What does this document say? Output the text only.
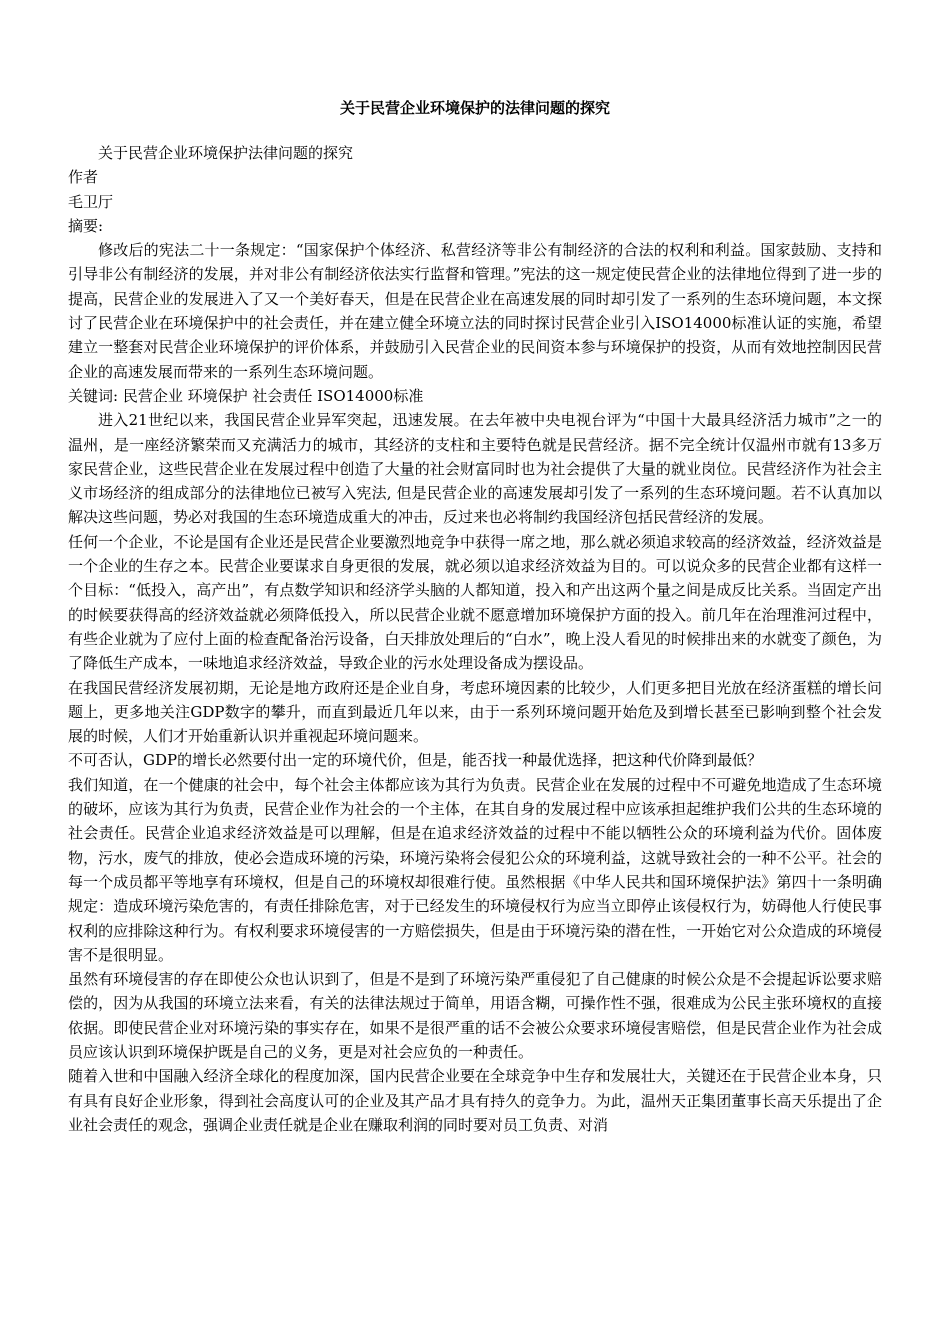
关于民营企业环境保护的法律问题的探究

关于民营企业环境保护法律问题的探究

作者

毛卫厅

摘要:

修改后的宪法二十一条规定：“国家保护个体经济、私营经济等非公有制经济的合法的权利和利益。国家鼓励、支持和引导非公有制经济的发展，并对非公有制经济依法实行监督和管理。”宪法的这一规定使民营企业的法律地位得到了进一步的提高，民营企业的发展进入了又一个美好春天，但是在民营企业在高速发展的同时却引发了一系列的生态环境问题，本文探讨了民营企业在环境保护中的社会责任，并在建立健全环境立法的同时探讨民营企业引入ISO14000标准认证的实施，希望建立一整套对民营企业环境保护的评价体系，并鼓励引入民营企业的民间资本参与环境保护的投资，从而有效地控制因民营企业的高速发展而带来的一系列生态环境问题。

关键词: 民营企业 环境保护 社会责任 ISO14000标准

进入21世纪以来，我国民营企业异军突起，迅速发展。在去年被中央电视台评为“中国十大最具经济活力城市”之一的温州，是一座经济繁荣而又充满活力的城市，其经济的支柱和主要特色就是民营经济。据不完全统计仅温州市就有13多万家民营企业，这些民营企业在发展过程中创造了大量的社会财富同时也为社会提供了大量的就业岗位。民营经济作为社会主义市场经济的组成部分的法律地位已被写入宪法, 但是民营企业的高速发展却引发了一系列的生态环境问题。若不认真加以解决这些问题，势必对我国的生态环境造成重大的冲击，反过来也必将制约我国经济包括民营经济的发展。

任何一个企业，不论是国有企业还是民营企业要激烈地竞争中获得一席之地，那么就必须追求较高的经济效益，经济效益是一个企业的生存之本。民营企业要谋求自身更很的发展，就必须以追求经济效益为目的。可以说众多的民营企业都有这样一个目标：“低投入，高产出”，有点数学知识和经济学头脑的人都知道，投入和产出这两个量之间是成反比关系。当固定产出的时候要获得高的经济效益就必须降低投入，所以民营企业就不愿意增加环境保护方面的投入。前几年在治理淮河过程中，有些企业就为了应付上面的检查配备治污设备，白天排放处理后的“白水”，晚上没人看见的时候排出来的水就变了颜色，为了降低生产成本，一味地追求经济效益，导致企业的污水处理设备成为摆设品。

在我国民营经济发展初期，无论是地方政府还是企业自身，考虑环境因素的比较少，人们更多把目光放在经济蛋糕的增长问题上，更多地关注GDP数字的攀升，而直到最近几年以来，由于一系列环境问题开始危及到增长甚至已影响到整个社会发展的时候，人们才开始重新认识并重视起环境问题来。

不可否认，GDP的增长必然要付出一定的环境代价，但是，能否找一种最优选择，把这种代价降到最低？

我们知道，在一个健康的社会中，每个社会主体都应该为其行为负责。民营企业在发展的过程中不可避免地造成了生态环境的破坏，应该为其行为负责，民营企业作为社会的一个主体，在其自身的发展过程中应该承担起维护我们公共的生态环境的社会责任。民营企业追求经济效益是可以理解，但是在追求经济效益的过程中不能以牺牲公众的环境利益为代价。固体废物，污水，废气的排放，使必会造成环境的污染，环境污染将会侵犯公众的环境利益，这就导致社会的一种不公平。社会的每一个成员都平等地享有环境权，但是自己的环境权却很难行使。虽然根据《中华人民共和国环境保护法》第四十一条明确规定：造成环境污染危害的，有责任排除危害，对于已经发生的环境侵权行为应当立即停止该侵权行为，妨碍他人行使民事权利的应排除这种行为。有权利要求环境侵害的一方赔偿损失，但是由于环境污染的潜在性，一开始它对公众造成的环境侵害不是很明显。

虽然有环境侵害的存在即使公众也认识到了，但是不是到了环境污染严重侵犯了自己健康的时候公众是不会提起诉讼要求赔偿的，因为从我国的环境立法来看，有关的法律法规过于简单，用语含糊，可操作性不强，很难成为公民主张环境权的直接依据。即使民营企业对环境污染的事实存在，如果不是很严重的话不会被公众要求环境侵害赔偿，但是民营企业作为社会成员应该认识到环境保护既是自己的义务，更是对社会应负的一种责任。

随着入世和中国融入经济全球化的程度加深，国内民营企业要在全球竞争中生存和发展壮大，关键还在于民营企业本身，只有具有良好企业形象，得到社会高度认可的企业及其产品才具有持久的竞争力。为此，温州天正集团董事长高天乐提出了企业社会责任的观念，强调企业责任就是企业在赚取利润的同时要对员工负责、对消
